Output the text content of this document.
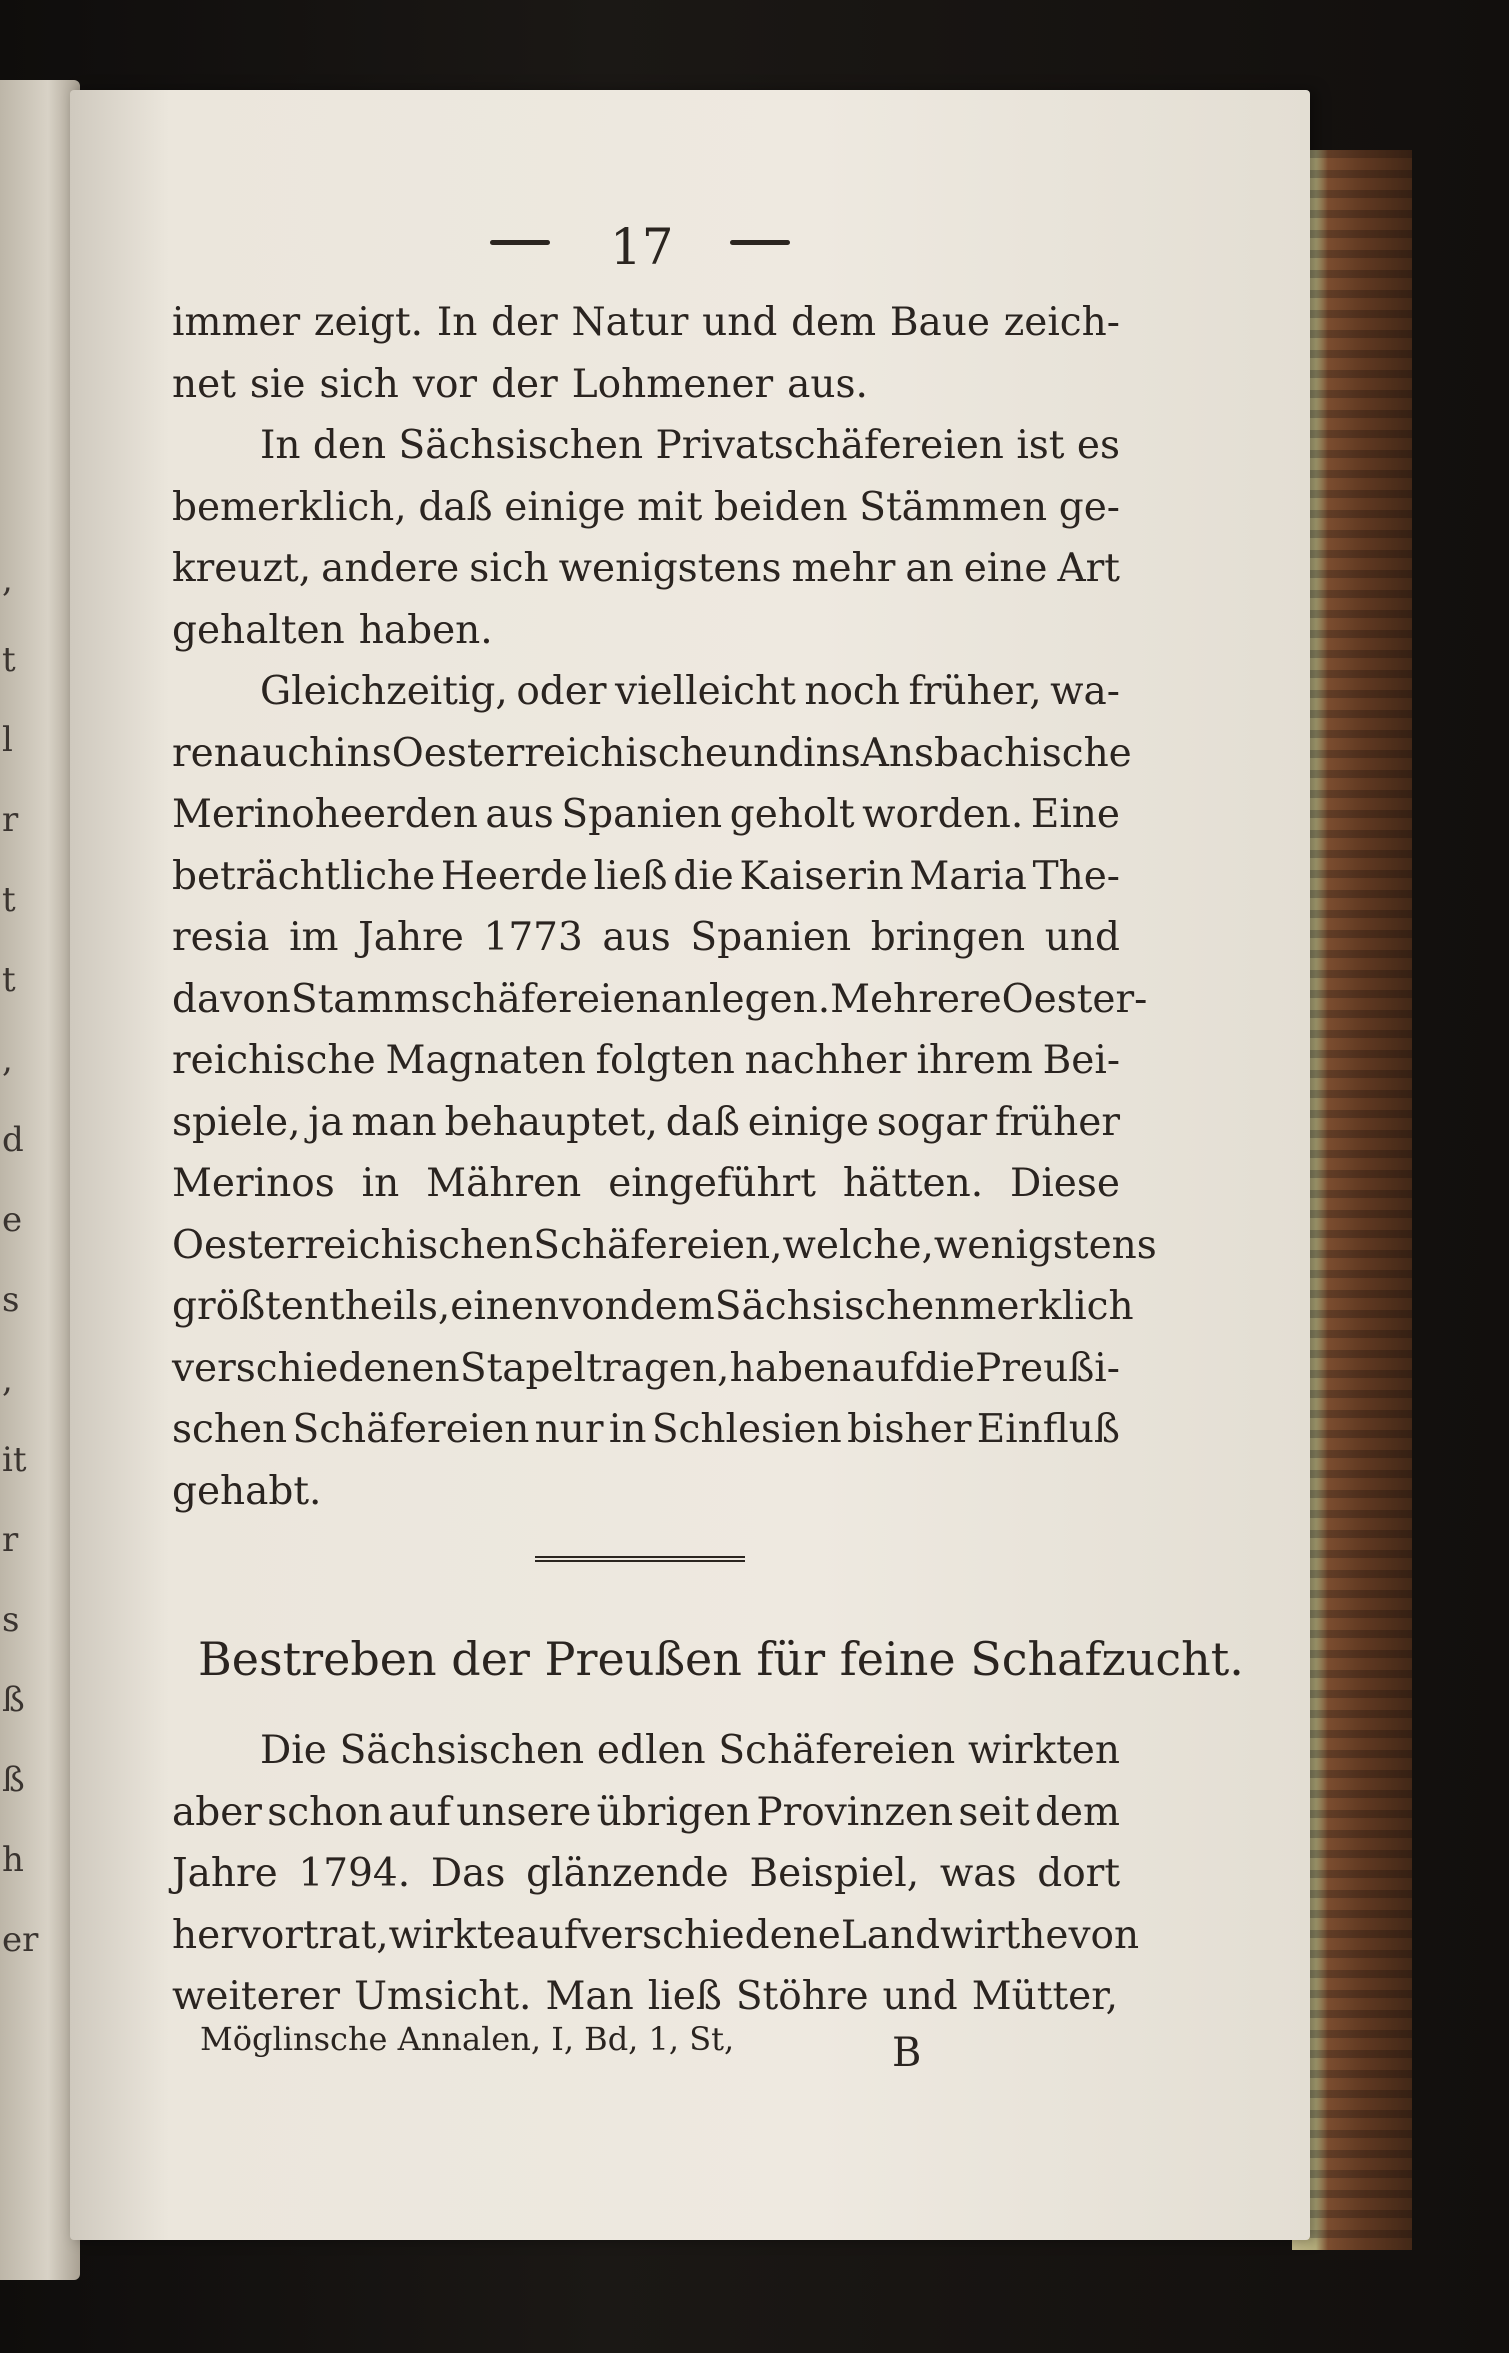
,
t
l
r
t
t
,
d
e
s
,
it
r
s
ß
ß
h
er
17
immer zeigt. In der Natur und dem Baue zeich-
net sie sich vor der Lohmener aus.
In den Sächsischen Privatschäfereien ist es
bemerklich, daß einige mit beiden Stämmen ge-
kreuzt, andere sich wenigstens mehr an eine Art
gehalten haben.
Gleichzeitig, oder vielleicht noch früher, wa-
ren auch ins Oesterreichische und ins Ansbachische
Merinoheerden aus Spanien geholt worden. Eine
beträchtliche Heerde ließ die Kaiserin Maria The-
resia im Jahre 1773 aus Spanien bringen und
davon Stammschäfereien anlegen. Mehrere Oester-
reichische Magnaten folgten nachher ihrem Bei-
spiele, ja man behauptet, daß einige sogar früher
Merinos in Mähren eingeführt hätten. Diese
Oesterreichischen Schäfereien, welche, wenigstens
größtentheils, einen von dem Sächsischen merklich
verschiedenen Stapel tragen, haben auf die Preußi-
schen Schäfereien nur in Schlesien bisher Einfluß
gehabt.
Bestreben der Preußen für feine Schafzucht.
Die Sächsischen edlen Schäfereien wirkten
aber schon auf unsere übrigen Provinzen seit dem
Jahre 1794. Das glänzende Beispiel, was dort
hervortrat, wirkte auf verschiedene Landwirthe von
weiterer Umsicht. Man ließ Stöhre und Mütter,
Möglinsche Annalen, I, Bd, 1, St,	B
